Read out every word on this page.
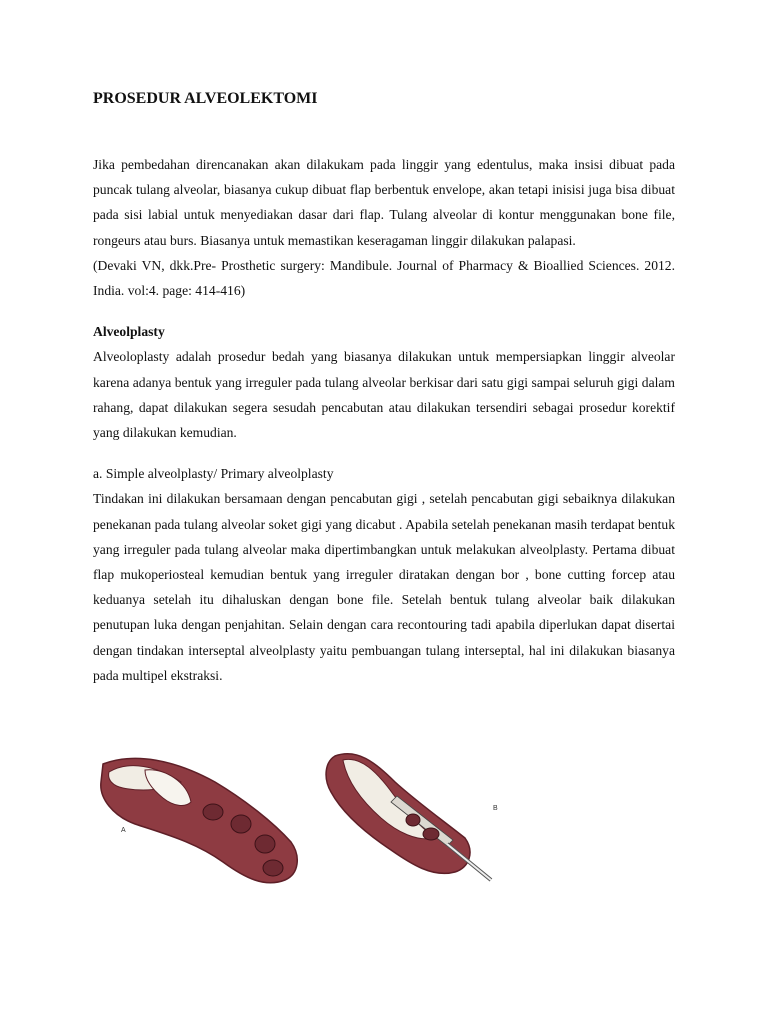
PROSEDUR ALVEOLEKTOMI

Jika pembedahan direncanakan akan dilakukam pada linggir yang edentulus, maka insisi dibuat pada puncak tulang alveolar, biasanya cukup dibuat flap berbentuk envelope, akan tetapi inisisi juga bisa dibuat pada sisi labial untuk menyediakan dasar dari flap. Tulang alveolar di kontur menggunakan bone file, rongeurs atau burs. Biasanya untuk memastikan keseragaman linggir dilakukan palapasi.

(Devaki VN, dkk.Pre- Prosthetic surgery: Mandibule. Journal of Pharmacy & Bioallied Sciences. 2012. India. vol:4. page: 414-416)

Alveolplasty

Alveoloplasty adalah prosedur bedah yang biasanya dilakukan untuk mempersiapkan linggir alveolar karena adanya bentuk yang irreguler pada tulang alveolar berkisar dari satu gigi sampai seluruh gigi dalam rahang, dapat dilakukan segera sesudah pencabutan atau dilakukan tersendiri sebagai prosedur korektif yang dilakukan kemudian.

a. Simple alveolplasty/ Primary alveolplasty

Tindakan ini dilakukan bersamaan dengan pencabutan gigi , setelah pencabutan gigi sebaiknya dilakukan penekanan pada tulang alveolar soket gigi yang dicabut . Apabila setelah penekanan masih terdapat bentuk yang irreguler pada tulang alveolar maka dipertimbangkan untuk melakukan alveolplasty. Pertama dibuat flap mukoperiosteal kemudian bentuk yang irreguler diratakan dengan bor , bone cutting forcep atau keduanya setelah itu dihaluskan dengan bone file. Setelah bentuk tulang alveolar baik dilakukan penutupan luka dengan penjahitan. Selain dengan cara recontouring tadi apabila diperlukan dapat disertai dengan tindakan interseptal alveolplasty yaitu pembuangan tulang interseptal, hal ini dilakukan biasanya pada multipel ekstraksi.

A
B
